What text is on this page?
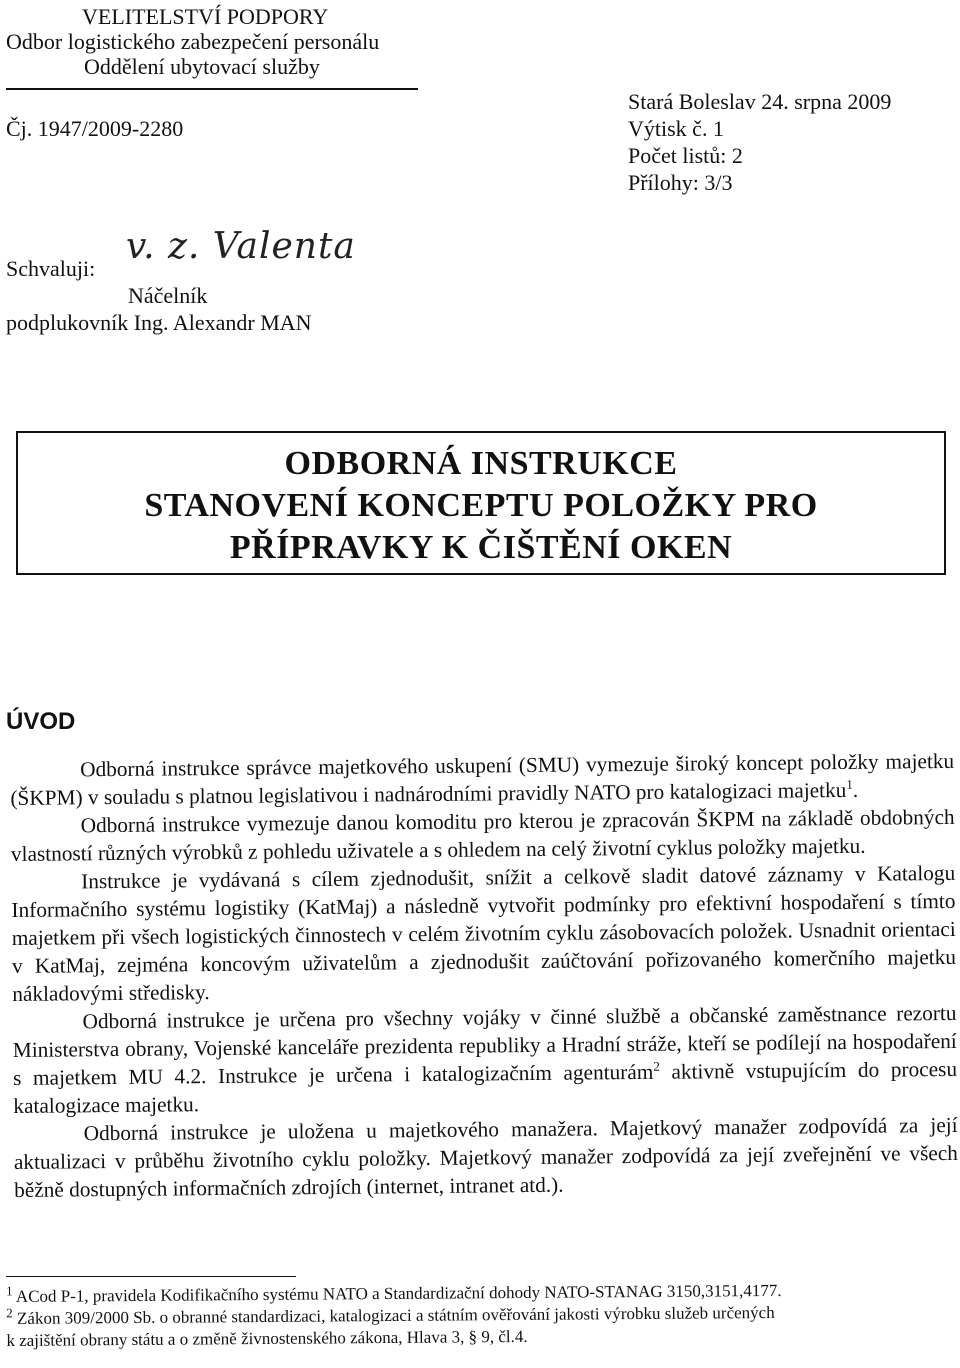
VELITELSTVÍ PODPORY
Odbor logistického zabezpečení personálu
Oddělení ubytovací služby
Čj. 1947/2009-2280
Stará Boleslav 24. srpna 2009
Výtisk č. 1
Počet listů: 2
Přílohy: 3/3
Schvaluji:
v. z. Valenta
Náčelník
podplukovník Ing. Alexandr MAN
ODBORNÁ INSTRUKCE
STANOVENÍ KONCEPTU POLOŽKY PRO
PŘÍPRAVKY K ČIŠTĚNÍ OKEN
ÚVOD

Odborná instrukce správce majetkového uskupení (SMU) vymezuje široký koncept položky majetku (ŠKPM) v souladu s platnou legislativou i nadnárodními pravidly NATO pro katalogizaci majetku$^1$.

Odborná instrukce vymezuje danou komoditu pro kterou je zpracován ŠKPM na základě obdobných vlastností různých výrobků z pohledu uživatele a s ohledem na celý životní cyklus položky majetku.

Instrukce je vydávaná s cílem zjednodušit, snížit a celkově sladit datové záznamy v Katalogu Informačního systému logistiky (KatMaj) a následně vytvořit podmínky pro efektivní hospodaření s tímto majetkem při všech logistických činnostech v celém životním cyklu zásobovacích položek. Usnadnit orientaci v KatMaj, zejména koncovým uživatelům a zjednodušit zaúčtování pořizovaného komerčního majetku nákladovými středisky.

Odborná instrukce je určena pro všechny vojáky v činné službě a občanské zaměstnance rezortu Ministerstva obrany, Vojenské kanceláře prezidenta republiky a Hradní stráže, kteří se podílejí na hospodaření s majetkem MU 4.2. Instrukce je určena i katalogizačním agenturám$^2$ aktivně vstupujícím do procesu katalogizace majetku.

Odborná instrukce je uložena u majetkového manažera. Majetkový manažer zodpovídá za její aktualizaci v průběhu životního cyklu položky. Majetkový manažer zodpovídá za její zveřejnění ve všech běžně dostupných informačních zdrojích (internet, intranet atd.).

$^1$ ACod P-1, pravidela Kodifikačního systému NATO a Standardizační dohody NATO-STANAG 3150,3151,4177.
$^2$ Zákon 309/2000 Sb. o obranné standardizaci, katalogizaci a státním ověřování jakosti výrobku služeb určených
k zajištění obrany státu a o změně živnostenského zákona, Hlava 3, § 9, čl.4.
